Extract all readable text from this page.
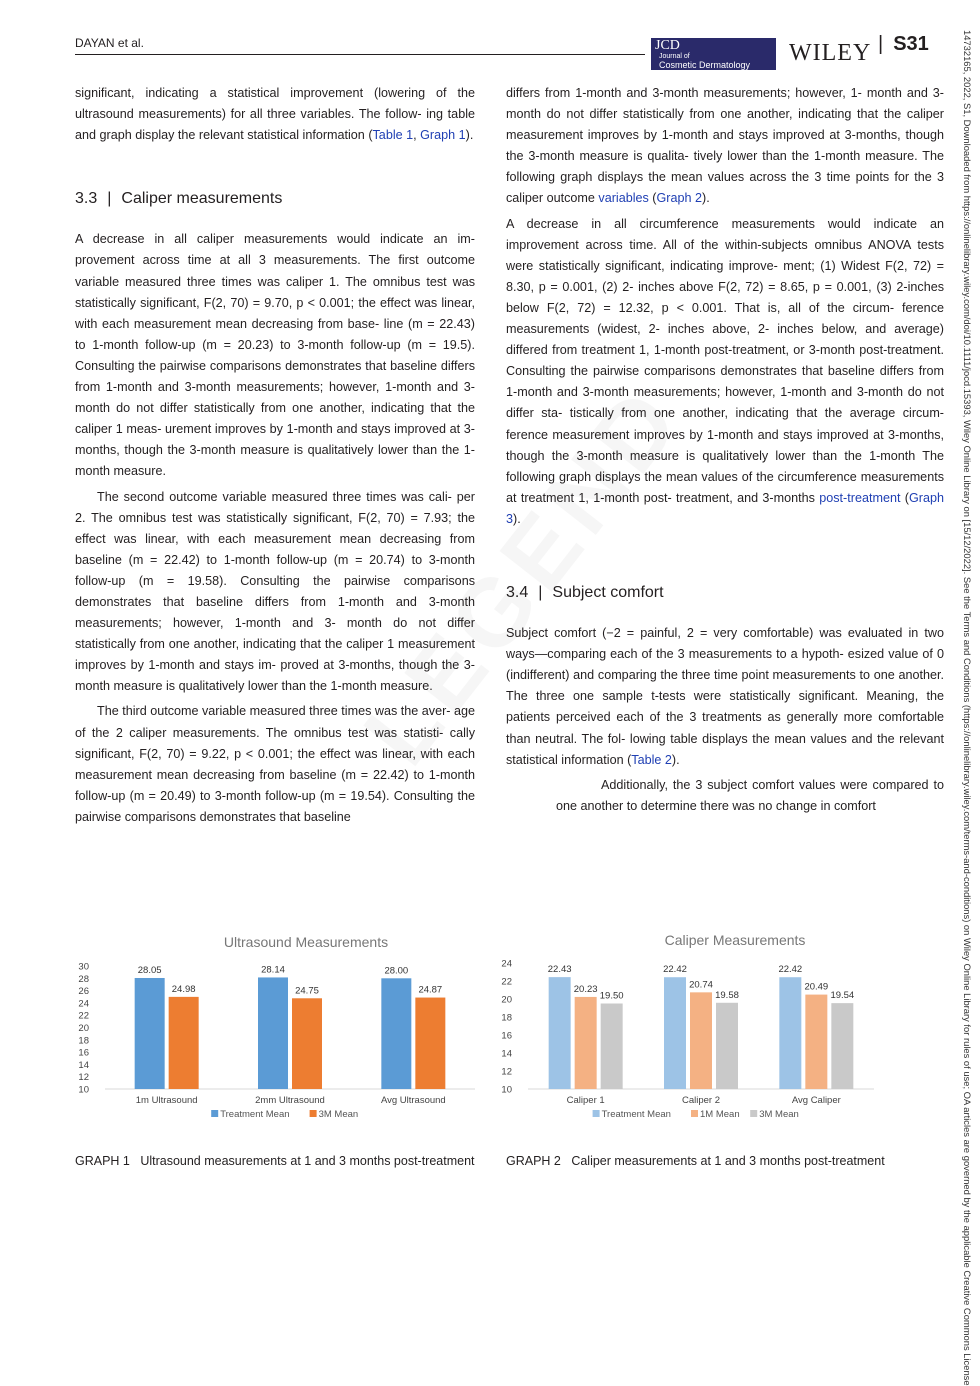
DAYAN et al.	JCD
Journal of
Cosmetic Dermatology WILEY | S31	14732165, 2022, S1, Downloaded from https://onlinelibrary.wiley.com/doi/10.1111/jocd.15393, Wiley Online Library on [15/12/2022]. See the Terms and Conditions (https://onlinelibrary.wiley.com/terms-and-conditions) on Wiley Online Library for rules of use; OA articles are governed by the applicable Creative Commons License

significant, indicating a statistical improvement (lowering of the ultrasound measurements) for all three variables. The follow- ing table and graph display the relevant statistical information (Table 1, Graph 1).

3.3 | Caliper measurements

A decrease in all caliper measurements would indicate an im- provement across time at all 3 measurements. The first outcome variable measured three times was caliper 1. The omnibus test was statistically significant, F(2, 70) = 9.70, p < 0.001; the effect was linear, with each measurement mean decreasing from base- line (m = 22.43) to 1-month follow-up (m = 20.23) to 3-month follow-up (m = 19.5). Consulting the pairwise comparisons demonstrates that baseline differs from 1-month and 3-month measurements; however, 1-month and 3-month do not differ statistically from one another, indicating that the caliper 1 meas- urement improves by 1-month and stays improved at 3-months, though the 3-month measure is qualitatively lower than the 1-month measure.

The second outcome variable measured three times was cali- per 2. The omnibus test was statistically significant, F(2, 70) = 7.93; the effect was linear, with each measurement mean decreasing from baseline (m = 22.42) to 1-month follow-up (m = 20.74) to 3-month follow-up (m = 19.58). Consulting the pairwise comparisons demonstrates that baseline differs from 1-month and 3-month measurements; however, 1-month and 3- month do not differ statistically from one another, indicating that the caliper 1 measurement improves by 1-month and stays im- proved at 3-months, though the 3-month measure is qualitatively lower than the 1-month measure.

The third outcome variable measured three times was the aver- age of the 2 caliper measurements. The omnibus test was statisti- cally significant, F(2, 70) = 9.22, p < 0.001; the effect was linear, with each measurement mean decreasing from baseline (m = 22.42) to 1-month follow-up (m = 20.49) to 3-month follow-up (m = 19.54). Consulting the pairwise comparisons demonstrates that baseline

differs from 1-month and 3-month measurements; however, 1- month and 3-month do not differ statistically from one another, indicating that the caliper measurement improves by 1-month and stays improved at 3-months, though the 3-month measure is qualita- tively lower than the 1-month measure. The following graph displays the mean values across the 3 time points for the 3 caliper outcome variables (Graph 2).

A decrease in all circumference measurements would indicate an improvement across time. All of the within-subjects omnibus ANOVA tests were statistically significant, indicating improve- ment; (1) Widest F(2, 72) = 8.30, p = 0.001, (2) 2- inches above F(2, 72) = 8.65, p = 0.001, (3) 2-inches below F(2, 72) = 12.32, p < 0.001. That is, all of the circum- ference measurements (widest, 2- inches above, 2- inches below, and average) differed from treatment 1, 1-month post-treatment, or 3-month post-treatment. Consulting the pairwise comparisons demonstrates that baseline differs from 1-month and 3-month measurements; however, 1-month and 3-month do not differ sta- tistically from one another, indicating that the average circum- ference measurement improves by 1-month and stays improved at 3-months, though the 3-month measure is qualitatively lower than the 1-month The following graph displays the mean values of the circumference measurements at treatment 1, 1-month post- treatment, and 3-months post-treatment (Graph 3).

3.4 | Subject comfort

Subject comfort (−2 = painful, 2 = very comfortable) was evaluated in two ways—comparing each of the 3 measurements to a hypoth- esized value of 0 (indifferent) and comparing the three time point measurements to one another. The three one sample t-tests were statistically significant. Meaning, the patients perceived each of the 3 treatments as generally more comfortable than neutral. The fol- lowing table displays the mean values and the relevant statistical information (Table 2).

Additionally, the 3 subject comfort values were compared to one another to determine there was no change in comfort

Ultrasound Measurements
10
12
14
16
18
20
22
24
26
28
30	28.05
24.98
28.14
24.75
28.00
24.87
1m Ultrasound	2mm Ultrasound	Avg Ultrasound
Treatment Mean	3M Mean
GRAPH 1 Ultrasound measurements at 1 and 3 months post-treatment
Caliper Measurements
10
12
14
16
18
20
22
24
22.43
20.23
19.50
22.42
20.74
19.58
22.42
20.49
19.54
Caliper 1	Caliper 2	Avg Caliper
Treatment Mean	1M Mean 3M Mean
GRAPH 2 Caliper measurements at 1 and 3 months post-treatment
